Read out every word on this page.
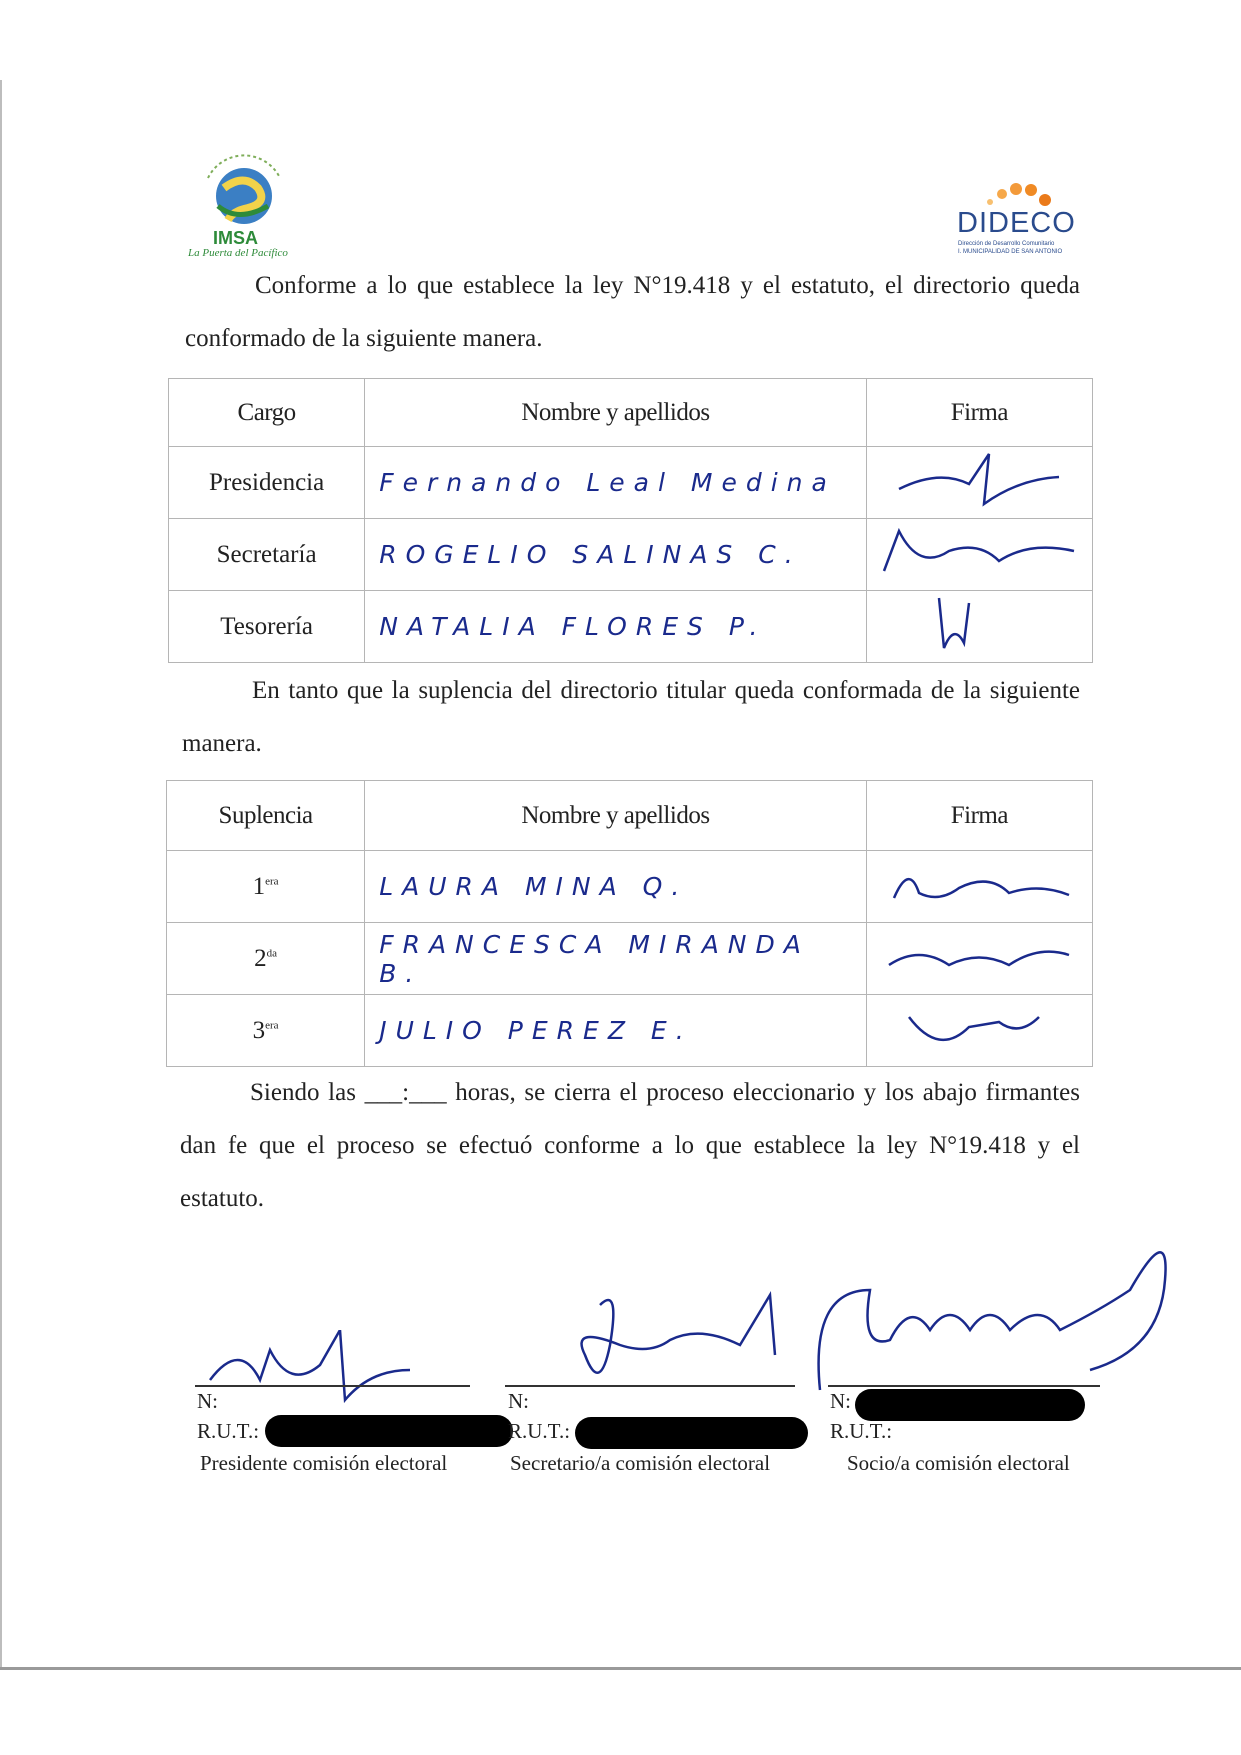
IMSA
La Puerta del Pacífico
DIDECO
Dirección de Desarrollo Comunitario
I. MUNICIPALIDAD DE SAN ANTONIO
Conforme a lo que establece la ley N°19.418 y el estatuto, el directorio queda conformado de la siguiente manera.
Cargo	Nombre y apellidos	Firma
Presidencia	Fernando Leal Medina	
Secretaría	ROGELIO SALINAS C.	
Tesorería	NATALIA FLORES P.	
En tanto que la suplencia del directorio titular queda conformada de la siguiente manera.
Suplencia	Nombre y apellidos	Firma
$1^{era}$	LAURA MINA Q.	
$2^{da}$	FRANCESCA MIRANDA B.	
$3^{era}$	JULIO PEREZ E.	
Siendo las ___:___ horas, se cierra el proceso eleccionario y los abajo firmantes dan fe que el proceso se efectuó conforme a lo que establece la ley N°19.418 y el estatuto.
N:
R.U.T.:
Presidente comisión electoral
N:
R.U.T.:
Secretario/a comisión electoral
N:
R.U.T.:
Socio/a comisión electoral
